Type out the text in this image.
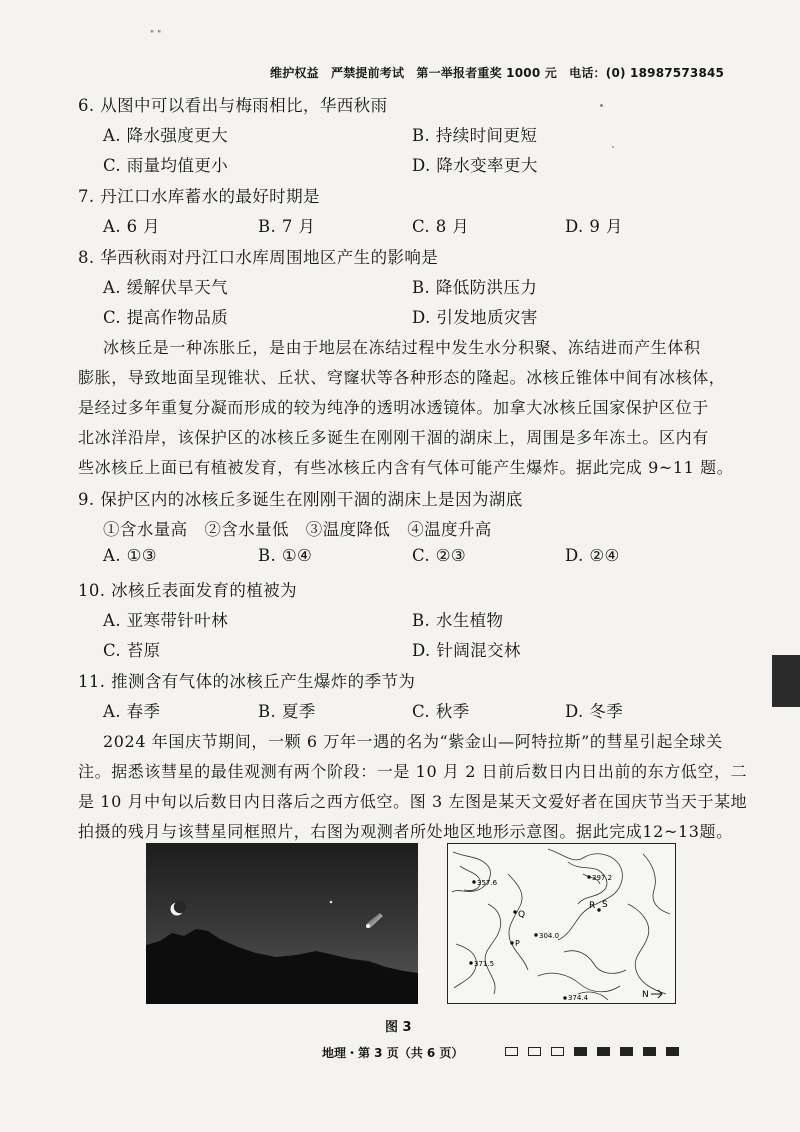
" "
维护权益　严禁提前考试　第一举报者重奖 1000 元　电话：(0) 18987573845
6. 从图中可以看出与梅雨相比，华西秋雨
A. 降水强度更大	B. 持续时间更短
C. 雨量均值更小	D. 降水变率更大
7. 丹江口水库蓄水的最好时期是
A. 6 月	B. 7 月	C. 8 月	D. 9 月
8. 华西秋雨对丹江口水库周围地区产生的影响是
A. 缓解伏旱天气	B. 降低防洪压力
C. 提高作物品质	D. 引发地质灾害
冰核丘是一种冻胀丘，是由于地层在冻结过程中发生水分积聚、冻结进而产生体积
膨胀，导致地面呈现锥状、丘状、穹窿状等各种形态的隆起。冰核丘锥体中间有冰核体，
是经过多年重复分凝而形成的较为纯净的透明冰透镜体。加拿大冰核丘国家保护区位于
北冰洋沿岸，该保护区的冰核丘多诞生在刚刚干涸的湖床上，周围是多年冻土。区内有
些冰核丘上面已有植被发育，有些冰核丘内含有气体可能产生爆炸。据此完成 9~11 题。
9. 保护区内的冰核丘多诞生在刚刚干涸的湖床上是因为湖底
①含水量高　②含水量低　③温度降低　④温度升高
A. ①③	B. ①④	C. ②③	D. ②④
10. 冰核丘表面发育的植被为
A. 亚寒带针叶林	B. 水生植物
C. 苔原	D. 针阔混交林
11. 推测含有气体的冰核丘产生爆炸的季节为
A. 春季	B. 夏季	C. 秋季	D. 冬季
2024 年国庆节期间，一颗 6 万年一遇的名为“紫金山—阿特拉斯”的彗星引起全球关
注。据悉该彗星的最佳观测有两个阶段：一是 10 月 2 日前后数日内日出前的东方低空，二
是 10 月中旬以后数日内日落后之西方低空。图 3 左图是某天文爱好者在国庆节当天于某地
拍摄的残月与该彗星同框照片，右图为观测者所处地区地形示意图。据此完成12~13题。
357.6
397.2
304.0
371.5
374.4
Q
R S
P
N
图 3
地理・第 3 页（共 6 页）
